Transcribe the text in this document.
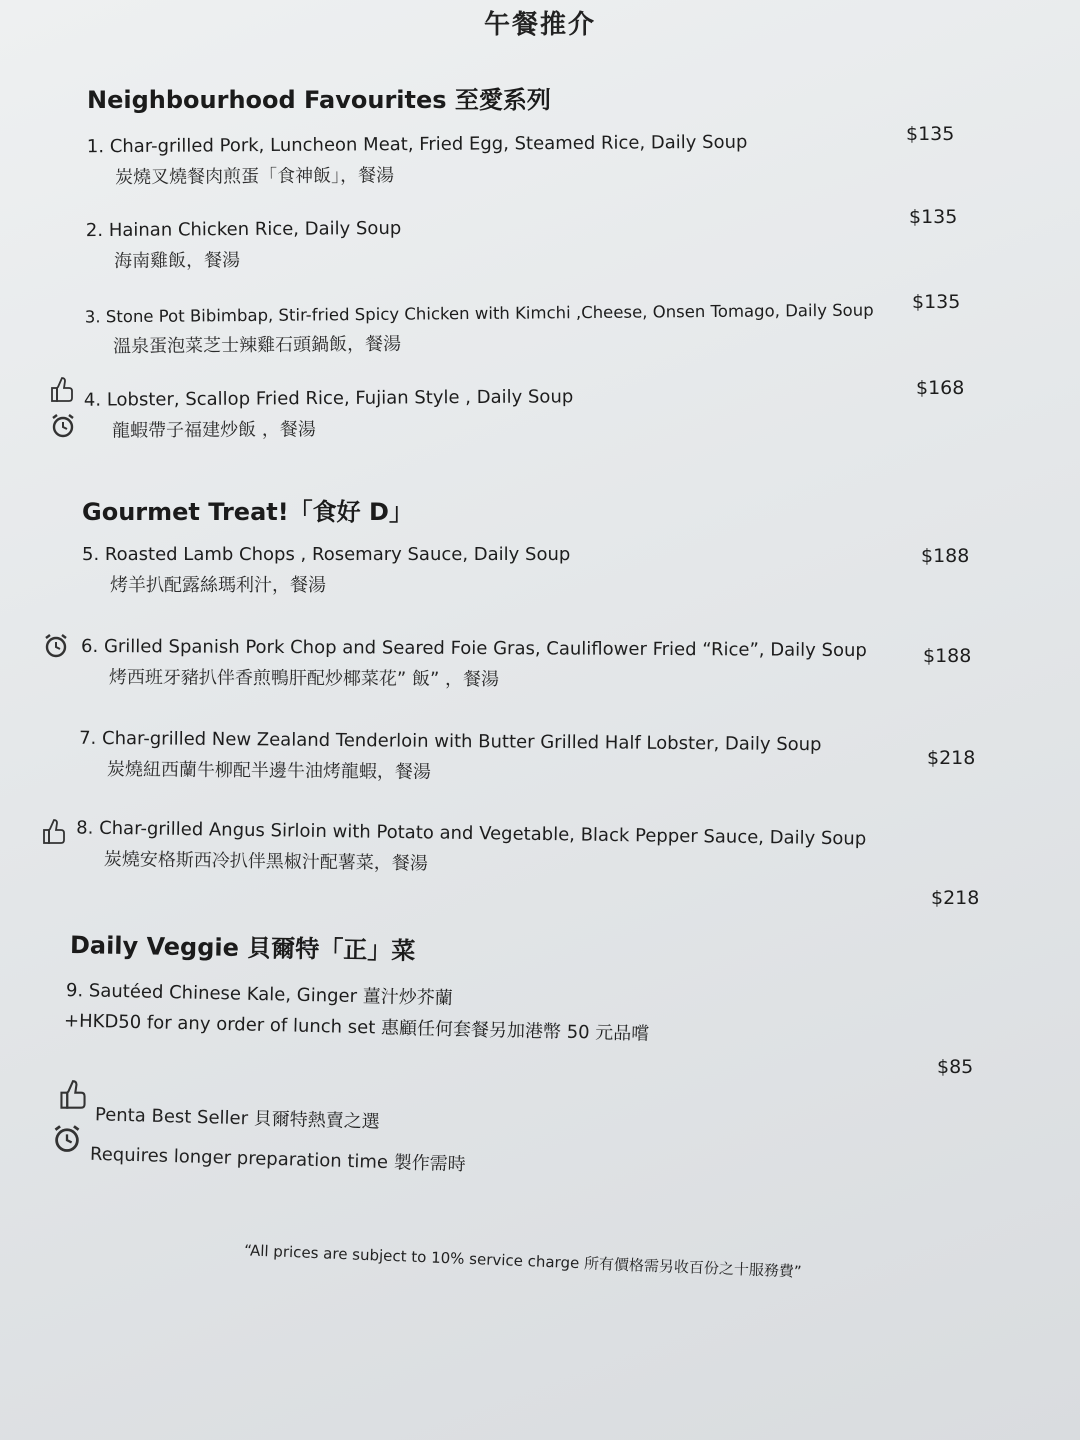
午餐推介
Neighbourhood Favourites 至愛系列
1. Char-grilled Pork, Luncheon Meat, Fried Egg, Steamed Rice, Daily Soup
炭燒叉燒餐肉煎蛋「食神飯」，餐湯
$135
2. Hainan Chicken Rice, Daily Soup
海南雞飯，餐湯
$135
3. Stone Pot Bibimbap, Stir-fried Spicy Chicken with Kimchi ,Cheese, Onsen Tomago, Daily Soup
溫泉蛋泡菜芝士辣雞石頭鍋飯，餐湯
$135
4. Lobster, Scallop Fried Rice, Fujian Style , Daily Soup
龍蝦帶子福建炒飯 ，餐湯
$168
Gourmet Treat!「食好 D」
5. Roasted Lamb Chops , Rosemary Sauce, Daily Soup
烤羊扒配露絲瑪利汁，餐湯
$188
6. Grilled Spanish Pork Chop and Seared Foie Gras, Cauliflower Fried “Rice”, Daily Soup
烤西班牙豬扒伴香煎鴨肝配炒椰菜花” 飯” ，餐湯
$188
7. Char-grilled New Zealand Tenderloin with Butter Grilled Half Lobster, Daily Soup
炭燒紐西蘭牛柳配半邊牛油烤龍蝦，餐湯
$218
8. Char-grilled Angus Sirloin with Potato and Vegetable, Black Pepper Sauce, Daily Soup
炭燒安格斯西冷扒伴黑椒汁配薯菜，餐湯
$218
Daily Veggie 貝爾特「正」菜
9. Sautéed Chinese Kale, Ginger 薑汁炒芥蘭
+HKD50 for any order of lunch set 惠顧任何套餐另加港幣 50 元品嚐
$85
Penta Best Seller 貝爾特熱賣之選
Requires longer preparation time 製作需時
“All prices are subject to 10% service charge 所有價格需另收百份之十服務費”
